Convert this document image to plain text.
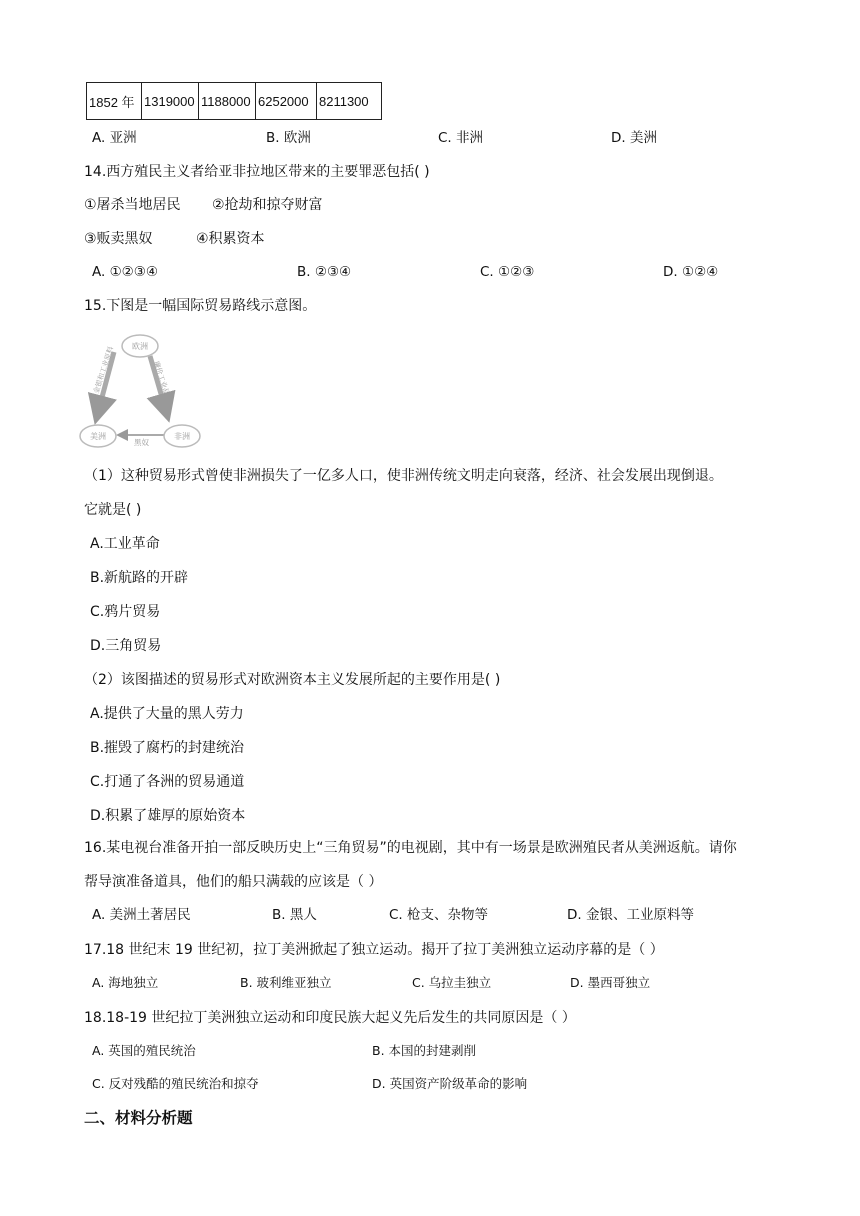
1852 年	1319000	1188000	6252000	8211300
A. 亚洲	B. 欧洲	C. 非洲	D. 美洲
14.西方殖民主义者给亚非拉地区带来的主要罪恶包括( )
①屠杀当地居民 ②抢劫和掠夺财富
③贩卖黑奴	④积累资本
A. ①②③④	B. ②③④	C. ①②③	D. ①②④
15.下图是一幅国际贸易路线示意图。
金银和工业原料	廉价工业品
黑奴
欧洲
美洲	非洲
（1）这种贸易形式曾使非洲损失了一亿多人口，使非洲传统文明走向衰落，经济、社会发展出现倒退。
它就是( )
A.工业革命
B.新航路的开辟
C.鸦片贸易
D.三角贸易
（2）该图描述的贸易形式对欧洲资本主义发展所起的主要作用是( )
A.提供了大量的黑人劳力
B.摧毁了腐朽的封建统治
C.打通了各洲的贸易通道
D.积累了雄厚的原始资本
16.某电视台准备开拍一部反映历史上“三角贸易”的电视剧，其中有一场景是欧洲殖民者从美洲返航。请你
帮导演准备道具，他们的船只满载的应该是（ ）
A. 美洲土著居民	B. 黑人	C. 枪支、杂物等	D. 金银、工业原料等
17.18 世纪末 19 世纪初，拉丁美洲掀起了独立运动。揭开了拉丁美洲独立运动序幕的是（ ）
A. 海地独立	B. 玻利维亚独立	C. 乌拉圭独立	D. 墨西哥独立
18.18-19 世纪拉丁美洲独立运动和印度民族大起义先后发生的共同原因是（ ）
A. 英国的殖民统治	B. 本国的封建剥削
C. 反对残酷的殖民统治和掠夺	D. 英国资产阶级革命的影响
二、材料分析题
